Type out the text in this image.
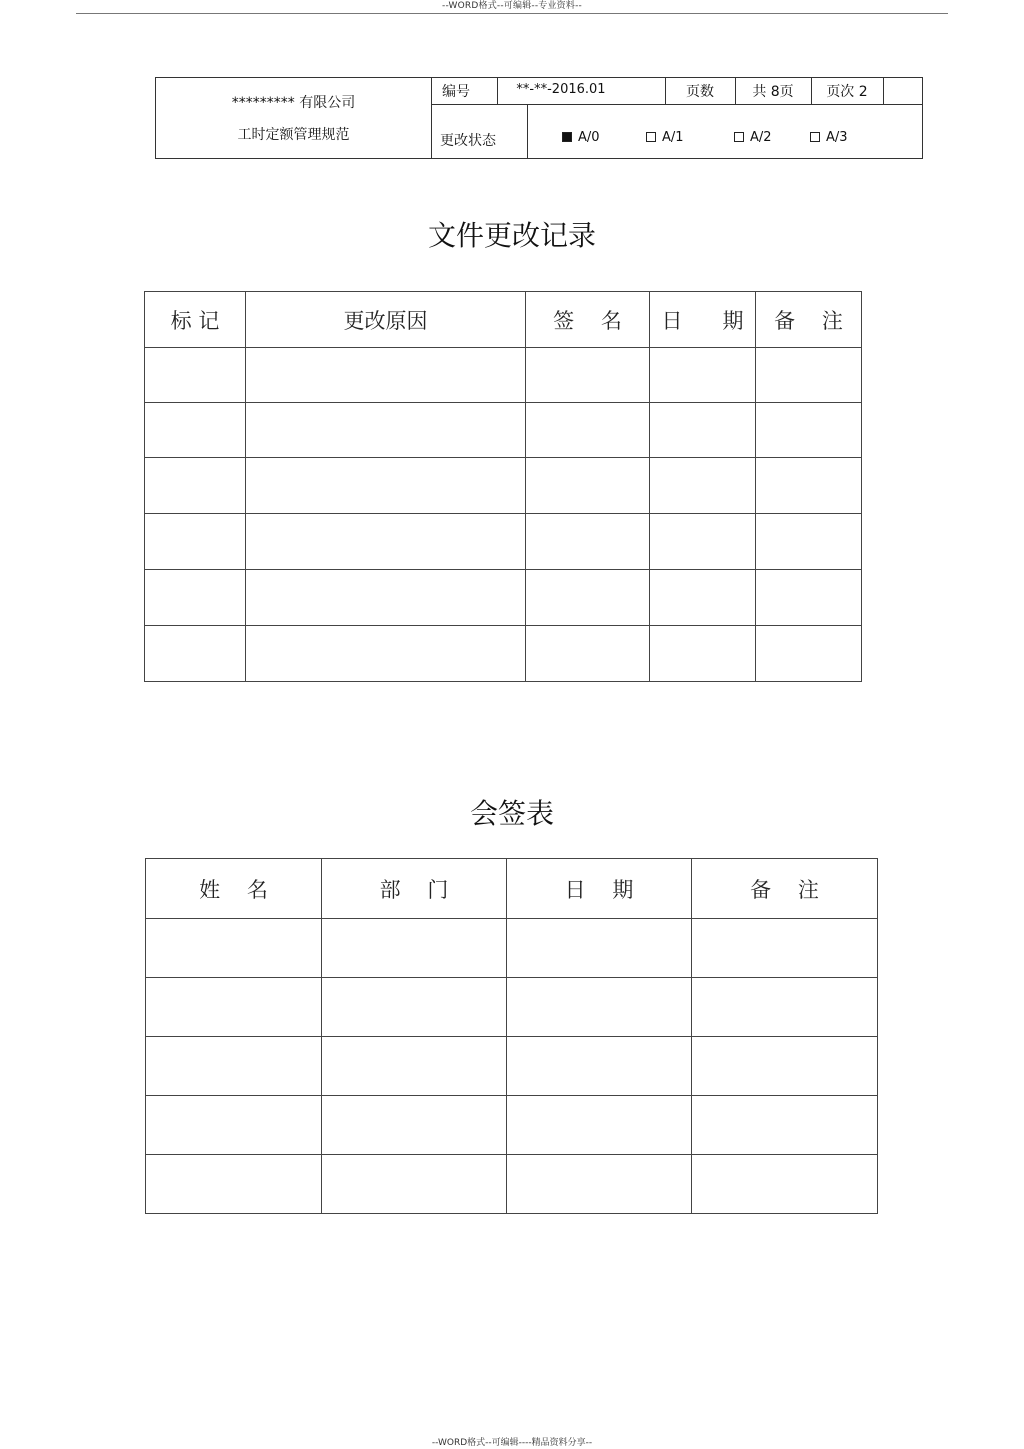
--WORD格式--可编辑--专业资料--
********* 有限公司
工时定额管理规范
编号	**-**-2016.01	页数	共 8页	页次 2
更改状态	A/0	A/1	A/2	A/3
文件更改记录
标 记	更改原因	签    名	日      期	备    注

会签表
姓    名	部    门	日    期	备    注

--WORD格式--可编辑----精品资料分享--
